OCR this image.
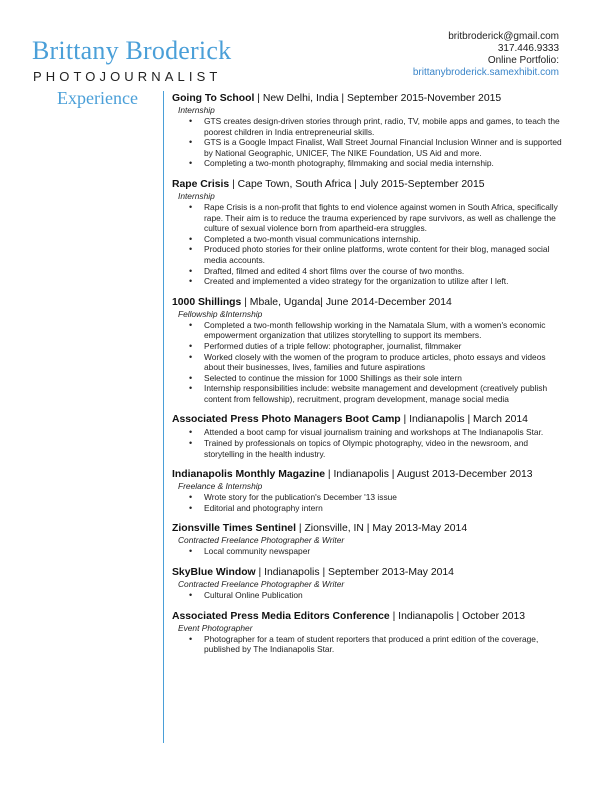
Brittany Broderick
PHOTOJOURNALIST
britbroderick@gmail.com
317.446.9333
Online Portfolio:
brittanybroderick.samexhibit.com
Experience	Going To School | New Delhi, India | September 2015-November 2015
Internship
• GTS creates design-driven stories through print, radio, TV, mobile apps and games, to teach the poorest children in India entrepreneurial skills.
• GTS is a Google Impact Finalist, Wall Street Journal Financial Inclusion Winner and is supported by National Geographic, UNICEF, The NIKE Foundation, US Aid and more.
• Completing a two-month photography, filmmaking and social media internship.
Rape Crisis | Cape Town, South Africa | July 2015-September 2015
Internship
• Rape Crisis is a non-profit that fights to end violence against women in South Africa, specifically rape. Their aim is to reduce the trauma experienced by rape survivors, as well as challenge the culture of sexual violence born from apartheid-era struggles.
• Completed a two-month visual communications internship.
• Produced photo stories for their online platforms, wrote content for their blog, managed social media accounts.
• Drafted, filmed and edited 4 short films over the course of two months.
• Created and implemented a video strategy for the organization to utilize after I left.
1000 Shillings | Mbale, Uganda| June 2014-December 2014
Fellowship &Internship
• Completed a two-month fellowship working in the Namatala Slum, with a women's economic empowerment organization that utilizes storytelling to support its members.
• Performed duties of a triple fellow: photographer, journalist, filmmaker
• Worked closely with the women of the program to produce articles, photo essays and videos about their businesses, lives, families and future aspirations
• Selected to continue the mission for 1000 Shillings as their sole intern
• Internship responsibilities include: website management and development (creatively publish content from fellowship), recruitment, program development, manage social media
Associated Press Photo Managers Boot Camp | Indianapolis | March 2014
• Attended a boot camp for visual journalism training and workshops at The Indianapolis Star.
• Trained by professionals on topics of Olympic photography, video in the newsroom, and storytelling in the health industry.
Indianapolis Monthly Magazine | Indianapolis | August 2013-December 2013
Freelance & Internship
• Wrote story for the publication's December '13 issue
• Editorial and photography intern
Zionsville Times Sentinel | Zionsville, IN | May 2013-May 2014
Contracted Freelance Photographer & Writer
• Local community newspaper
SkyBlue Window | Indianapolis | September 2013-May 2014
Contracted Freelance Photographer & Writer
• Cultural Online Publication
Associated Press Media Editors Conference | Indianapolis | October 2013
Event Photographer
• Photographer for a team of student reporters that produced a print edition of the coverage, published by The Indianapolis Star.
